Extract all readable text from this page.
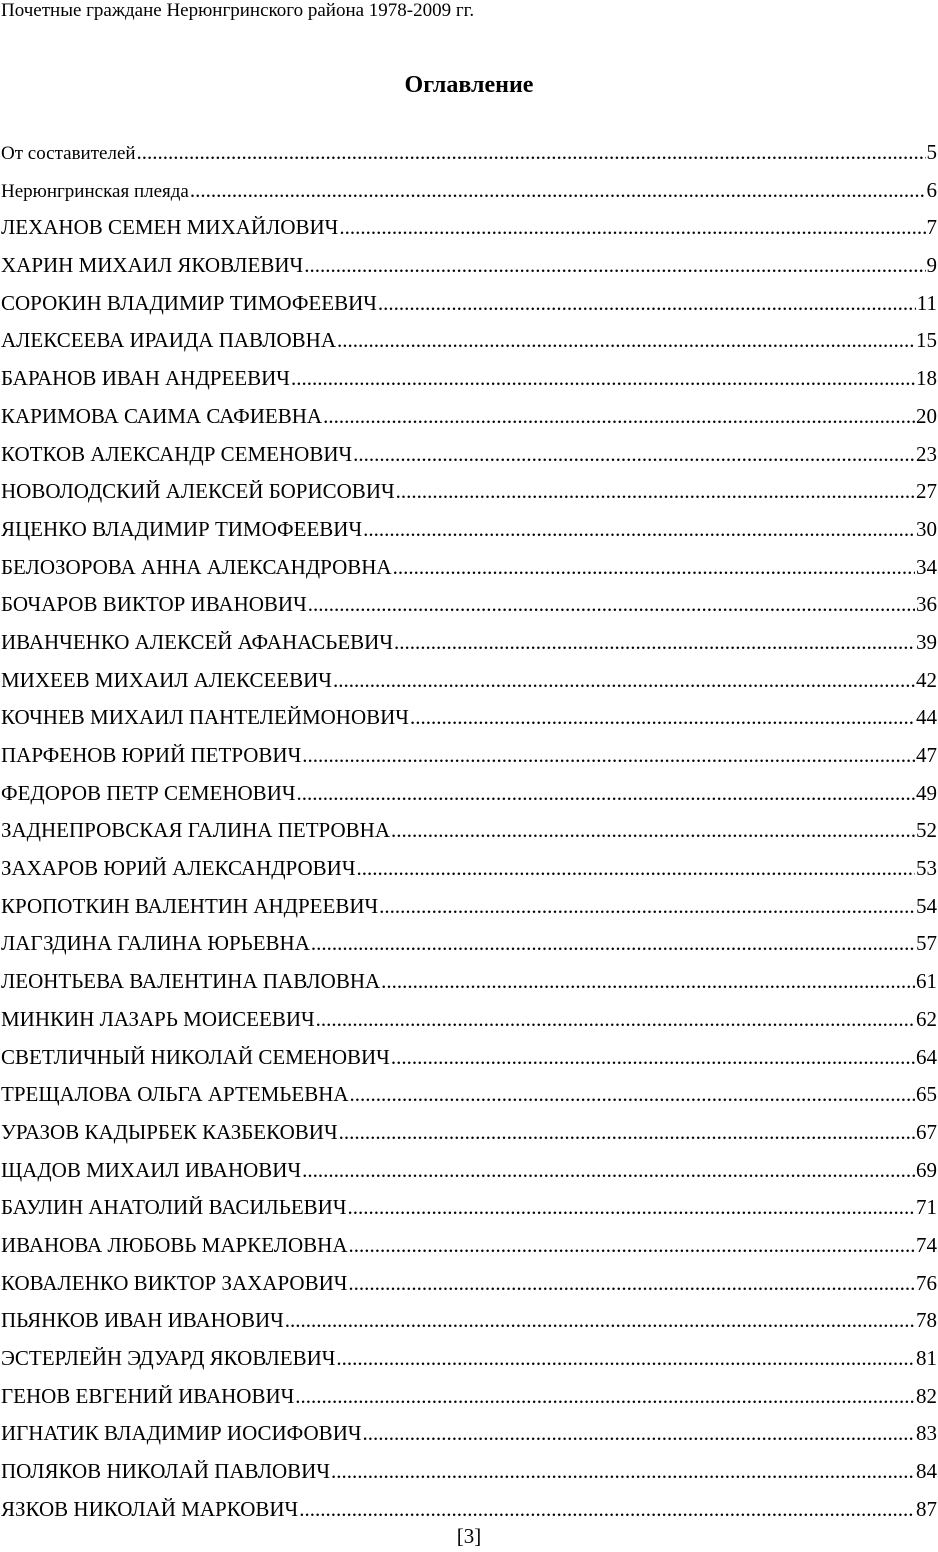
Почетные граждане Нерюнгринского района 1978-2009 гг.
Оглавление
От составителей .....	5
Нерюнгринская плеяда .....	6
ЛЕХАНОВ СЕМЕН МИХАЙЛОВИЧ .....	7
ХАРИН МИХАИЛ ЯКОВЛЕВИЧ .....	9
СОРОКИН ВЛАДИМИР ТИМОФЕЕВИЧ .....	11
АЛЕКСЕЕВА ИРАИДА ПАВЛОВНА .....	15
БАРАНОВ ИВАН АНДРЕЕВИЧ .....	18
КАРИМОВА САИМА САФИЕВНА .....	20
КОТКОВ АЛЕКСАНДР СЕМЕНОВИЧ .....	23
НОВОЛОДСКИЙ АЛЕКСЕЙ БОРИСОВИЧ .....	27
ЯЦЕНКО ВЛАДИМИР ТИМОФЕЕВИЧ .....	30
БЕЛОЗОРОВА АННА АЛЕКСАНДРОВНА .....	34
БОЧАРОВ ВИКТОР ИВАНОВИЧ .....	36
ИВАНЧЕНКО АЛЕКСЕЙ АФАНАСЬЕВИЧ .....	39
МИХЕЕВ МИХАИЛ АЛЕКСЕЕВИЧ .....	42
КОЧНЕВ МИХАИЛ ПАНТЕЛЕЙМОНОВИЧ .....	44
ПАРФЕНОВ ЮРИЙ ПЕТРОВИЧ .....	47
ФЕДОРОВ ПЕТР СЕМЕНОВИЧ .....	49
ЗАДНЕПРОВСКАЯ ГАЛИНА ПЕТРОВНА .....	52
ЗАХАРОВ ЮРИЙ АЛЕКСАНДРОВИЧ .....	53
КРОПОТКИН ВАЛЕНТИН АНДРЕЕВИЧ .....	54
ЛАГЗДИНА ГАЛИНА ЮРЬЕВНА .....	57
ЛЕОНТЬЕВА ВАЛЕНТИНА ПАВЛОВНА .....	61
МИНКИН ЛАЗАРЬ МОИСЕЕВИЧ .....	62
СВЕТЛИЧНЫЙ НИКОЛАЙ СЕМЕНОВИЧ .....	64
ТРЕЩАЛОВА ОЛЬГА АРТЕМЬЕВНА .....	65
УРАЗОВ КАДЫРБЕК КАЗБЕКОВИЧ .....	67
ЩАДОВ МИХАИЛ ИВАНОВИЧ .....	69
БАУЛИН АНАТОЛИЙ ВАСИЛЬЕВИЧ .....	71
ИВАНОВА ЛЮБОВЬ МАРКЕЛОВНА .....	74
КОВАЛЕНКО ВИКТОР ЗАХАРОВИЧ .....	76
ПЬЯНКОВ ИВАН ИВАНОВИЧ .....	78
ЭСТЕРЛЕЙН ЭДУАРД ЯКОВЛЕВИЧ .....	81
ГЕНОВ ЕВГЕНИЙ ИВАНОВИЧ .....	82
ИГНАТИК ВЛАДИМИР ИОСИФОВИЧ .....	83
ПОЛЯКОВ НИКОЛАЙ ПАВЛОВИЧ .....	84
ЯЗКОВ НИКОЛАЙ МАРКОВИЧ .....	87
[3]
